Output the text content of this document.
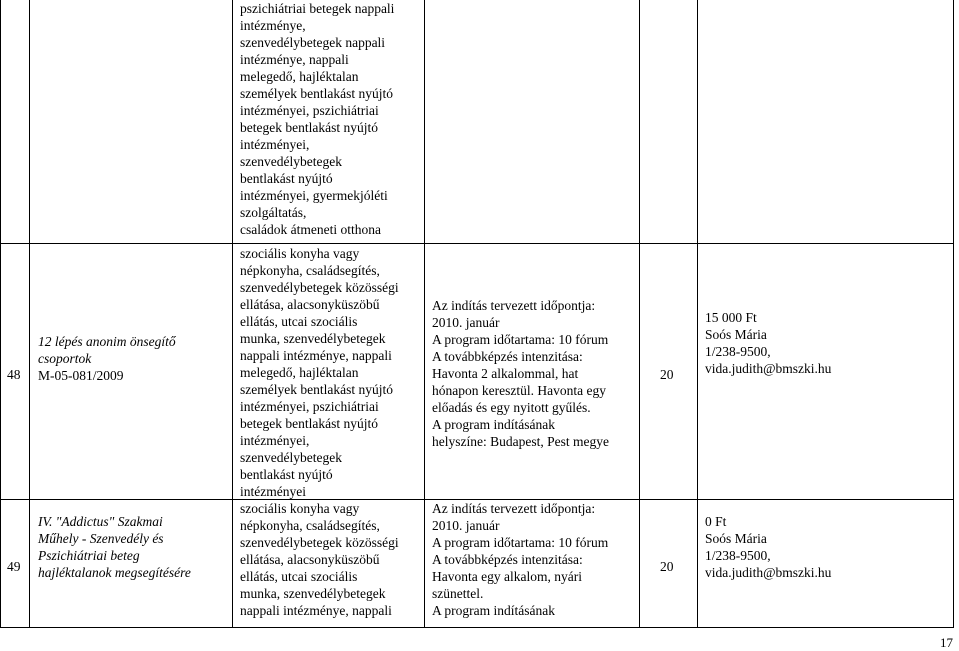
pszichiátriai betegek nappali
intézménye,
szenvedélybetegek nappali
intézménye, nappali
melegedő, hajléktalan
személyek bentlakást nyújtó
intézményei, pszichiátriai
betegek bentlakást nyújtó
intézményei,
szenvedélybetegek
bentlakást nyújtó
intézményei, gyermekjóléti
szolgáltatás,
családok átmeneti otthona
48
12 lépés anonim önsegítő
csoportok
M-05-081/2009
szociális konyha vagy
népkonyha, családsegítés,
szenvedélybetegek közösségi
ellátása, alacsonyküszöbű
ellátás, utcai szociális
munka, szenvedélybetegek
nappali intézménye, nappali
melegedő, hajléktalan
személyek bentlakást nyújtó
intézményei, pszichiátriai
betegek bentlakást nyújtó
intézményei,
szenvedélybetegek
bentlakást nyújtó
intézményei
Az indítás tervezett időpontja:
2010. január
A program időtartama: 10 fórum
A továbbképzés intenzitása:
Havonta 2 alkalommal, hat
hónapon keresztül. Havonta egy
előadás és egy nyitott gyűlés.
A program indításának
helyszíne: Budapest, Pest megye
20
15 000 Ft
Soós Mária
1/238-9500,
vida.judith@bmszki.hu
49
IV. "Addictus" Szakmai
Műhely - Szenvedély és
Pszichiátriai beteg
hajléktalanok megsegítésére
szociális konyha vagy
népkonyha, családsegítés,
szenvedélybetegek közösségi
ellátása, alacsonyküszöbű
ellátás, utcai szociális
munka, szenvedélybetegek
nappali intézménye, nappali
Az indítás tervezett időpontja:
2010. január
A program időtartama: 10 fórum
A továbbképzés intenzitása:
Havonta egy alkalom, nyári
szünettel.
A program indításának
20
0 Ft
Soós Mária
1/238-9500,
vida.judith@bmszki.hu
17
